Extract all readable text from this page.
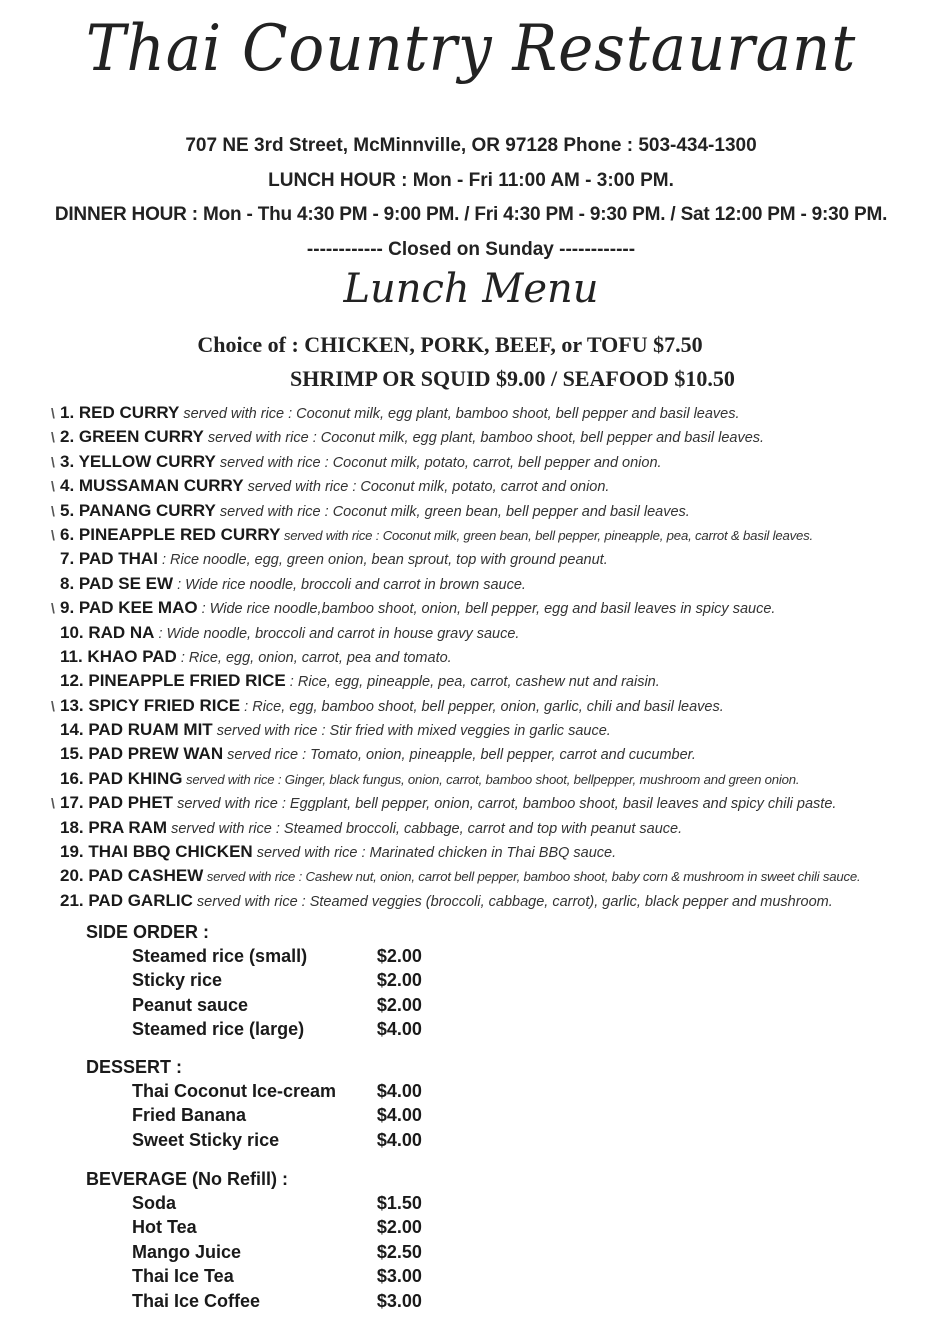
Thai Country Restaurant
707 NE 3rd Street, McMinnville, OR 97128 Phone : 503-434-1300
LUNCH HOUR : Mon - Fri 11:00 AM - 3:00 PM.
DINNER HOUR : Mon - Thu 4:30 PM - 9:00 PM. / Fri 4:30 PM - 9:30 PM. / Sat 12:00 PM - 9:30 PM.
------------ Closed on Sunday ------------
Lunch Menu
Choice of : CHICKEN, PORK, BEEF, or TOFU $7.50
SHRIMP OR SQUID $9.00 / SEAFOOD $10.50
\ 1. RED CURRY served with rice : Coconut milk, egg plant, bamboo shoot, bell pepper and basil leaves.
\ 2. GREEN CURRY served with rice : Coconut milk, egg plant, bamboo shoot, bell pepper and basil leaves.
\ 3. YELLOW CURRY served with rice : Coconut milk, potato, carrot, bell pepper and onion.
\ 4. MUSSAMAN CURRY served with rice : Coconut milk, potato, carrot and onion.
\ 5. PANANG CURRY served with rice : Coconut milk, green bean, bell pepper and basil leaves.
\ 6. PINEAPPLE RED CURRY served with rice : Coconut milk, green bean, bell pepper, pineapple, pea, carrot & basil leaves.
7. PAD THAI : Rice noodle, egg, green onion, bean sprout, top with ground peanut.
8. PAD SE EW : Wide rice noodle, broccoli and carrot in brown sauce.
\ 9. PAD KEE MAO : Wide rice noodle,bamboo shoot, onion, bell pepper, egg and basil leaves in spicy sauce.
10. RAD NA : Wide noodle, broccoli and carrot in house gravy sauce.
11. KHAO PAD : Rice, egg, onion, carrot, pea and tomato.
12. PINEAPPLE FRIED RICE : Rice, egg, pineapple, pea, carrot, cashew nut and raisin.
\ 13. SPICY FRIED RICE : Rice, egg, bamboo shoot, bell pepper, onion, garlic, chili and basil leaves.
14. PAD RUAM MIT served with rice : Stir fried with mixed veggies in garlic sauce.
15. PAD PREW WAN served rice : Tomato, onion, pineapple, bell pepper, carrot and cucumber.
16. PAD KHING served with rice : Ginger, black fungus, onion, carrot, bamboo shoot, bellpepper, mushroom and green onion.
\ 17. PAD PHET served with rice : Eggplant, bell pepper, onion, carrot, bamboo shoot, basil leaves and spicy chili paste.
18. PRA RAM served with rice : Steamed broccoli, cabbage, carrot and top with peanut sauce.
19. THAI BBQ CHICKEN served with rice : Marinated chicken in Thai BBQ sauce.
20. PAD CASHEW served with rice : Cashew nut, onion, carrot bell pepper, bamboo shoot, baby corn & mushroom in sweet chili sauce.
21. PAD GARLIC served with rice : Steamed veggies (broccoli, cabbage, carrot), garlic, black pepper and mushroom.
SIDE ORDER :
Steamed rice (small)	$2.00
Sticky rice	$2.00
Peanut sauce	$2.00
Steamed rice (large)	$4.00
DESSERT :
Thai Coconut Ice-cream	$4.00
Fried Banana	$4.00
Sweet Sticky rice	$4.00
BEVERAGE (No Refill) :
Soda	$1.50
Hot Tea	$2.00
Mango Juice	$2.50
Thai Ice Tea	$3.00
Thai Ice Coffee	$3.00
